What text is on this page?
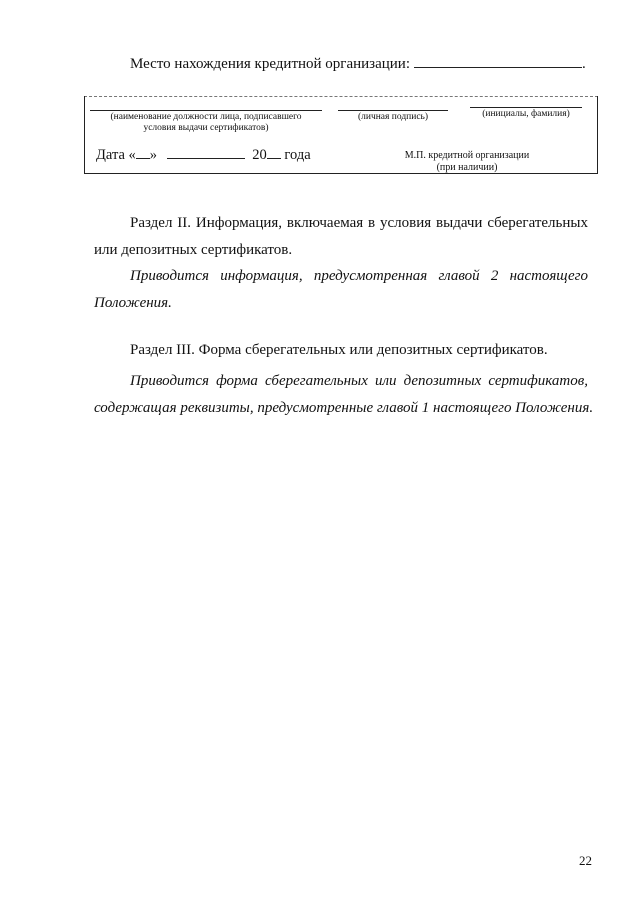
Место нахождения кредитной организации:	.
(наименование должности лица, подписавшего
условия выдачи сертификатов)
(личная подпись)	(инициалы, фамилия)
Дата « »	20 года	М.П. кредитной организации
(при наличии)
Раздел II. Информация, включаемая в условия выдачи сберегательных
или депозитных сертификатов.
Приводится информация, предусмотренная главой 2 настоящего
Положения.
Раздел III. Форма сберегательных или депозитных сертификатов.
Приводится форма сберегательных или депозитных сертификатов,
содержащая реквизиты, предусмотренные главой 1 настоящего Положения.
22
